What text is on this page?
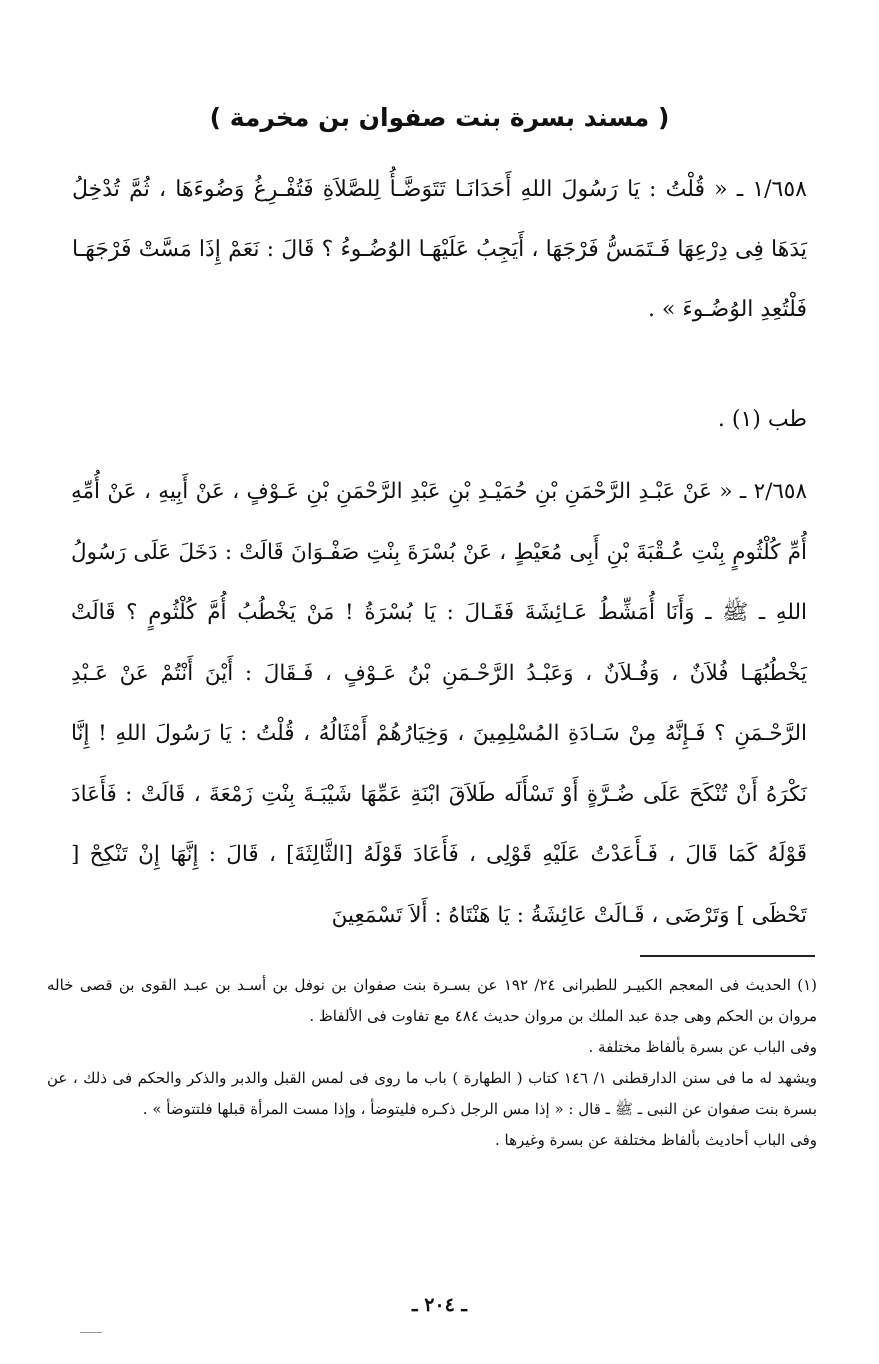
( مسند بسرة بنت صفوان بن مخرمة )
١/٦٥٨ ـ « قُلْتُ : يَا رَسُولَ اللهِ أَحَدَانَـا تَتَوَضَّـأُ لِلصَّلاَةِ فَتُفْـرِغُ وَضُوءَهَا ، ثُمَّ تُدْخِلُ يَدَهَا فِى دِرْعِهَا فَـتَمَسُّ فَرْجَهَا ، أَيَجِبُ عَلَيْهَـا الوُضُـوءُ ؟ قَالَ : نَعَمْ إِذَا مَسَّتْ فَرْجَهَـا فَلْتُعِدِ الوُضُـوءَ » .
طب (١) .
٢/٦٥٨ ـ « عَنْ عَبْـدِ الرَّحْمَنِ بْنِ حُمَيْـدِ بْنِ عَبْدِ الرَّحْمَنِ بْنِ عَـوْفٍ ، عَنْ أَبِيهِ ، عَنْ أُمِّهِ أُمِّ كُلْثُومٍ بِنْتِ عُـقْبَةَ بْنِ أَبِى مُعَيْطٍ ، عَنْ بُسْرَةَ بِنْتِ صَفْـوَانَ قَالَتْ : دَخَلَ عَلَى رَسُولُ اللهِ ـ ﷺ ـ وَأَنَا أُمَشِّطُ عَـائِشَةَ فَقَـالَ : يَا بُسْرَةُ ! مَنْ يَخْطُبُ أُمَّ كُلْثُومٍ ؟ قَالَتْ يَخْطُبُهَـا فُلاَنٌ ، وَفُـلاَنٌ ، وَعَبْـدُ الرَّحْـمَنِ بْنُ عَـوْفٍ ، فَـقَالَ : أَيْنَ أَنْتُمْ عَنْ عَـبْدِ الرَّحْـمَنِ ؟ فَـإِنَّهُ مِنْ سَـادَةِ المُسْلِمِينَ ، وَخِيَارُهُمْ أَمْثَالُهُ ، قُلْتُ : يَا رَسُولَ اللهِ ! إِنَّا نَكْرَهُ أَنْ تُنْكَحَ عَلَى ضُـرَّةٍ أَوْ تَسْأَلَه طَلاَقَ ابْنَةِ عَمِّهَا شَيْبَـةَ بِنْتِ زَمْعَةَ ، قَالَتْ : فَأَعَادَ قَوْلَهُ كَمَا قَالَ ، فَـأَعَدْتُ عَلَيْهِ قَوْلِى ، فَأَعَادَ قَوْلَهُ [الثَّالِثَةَ] ، قَالَ : إِنَّهَا إِنْ تَنْكِحْ [ تَحْظَى ] وَتَرْضَى ، قَـالَتْ عَائِشَةُ : يَا هَنْتَاهُ : أَلاَ تَسْمَعِينَ

(١) الحديث فى المعجم الكبيـر للطبرانى ٢٤/ ١٩٢ عن بسـرة بنت صفوان بن نوفل بن أسـد بن عبـد القوى بن قصى خاله مروان بن الحكم وهى جدة عبد الملك بن مروان حديث ٤٨٤ مع تفاوت فى الألفاظ .

وفى الباب عن بسرة بألفاظ مختلفة .

ويشهد له ما فى سنن الدارقطنى ١/ ١٤٦ كتاب ( الطهارة ) باب ما روى فى لمس القبل والدبر والذكر والحكم فى ذلك ، عن بسرة بنت صفوان عن النبى ـ ﷺ ـ قال : « إذا مس الرجل ذكـره فليتوضأ ، وإذا مست المرأة قبلها فلتتوضأ » .

وفى الباب أحاديث بألفاظ مختلفة عن بسرة وغيرها .

ـ ٢٠٤ ـ
